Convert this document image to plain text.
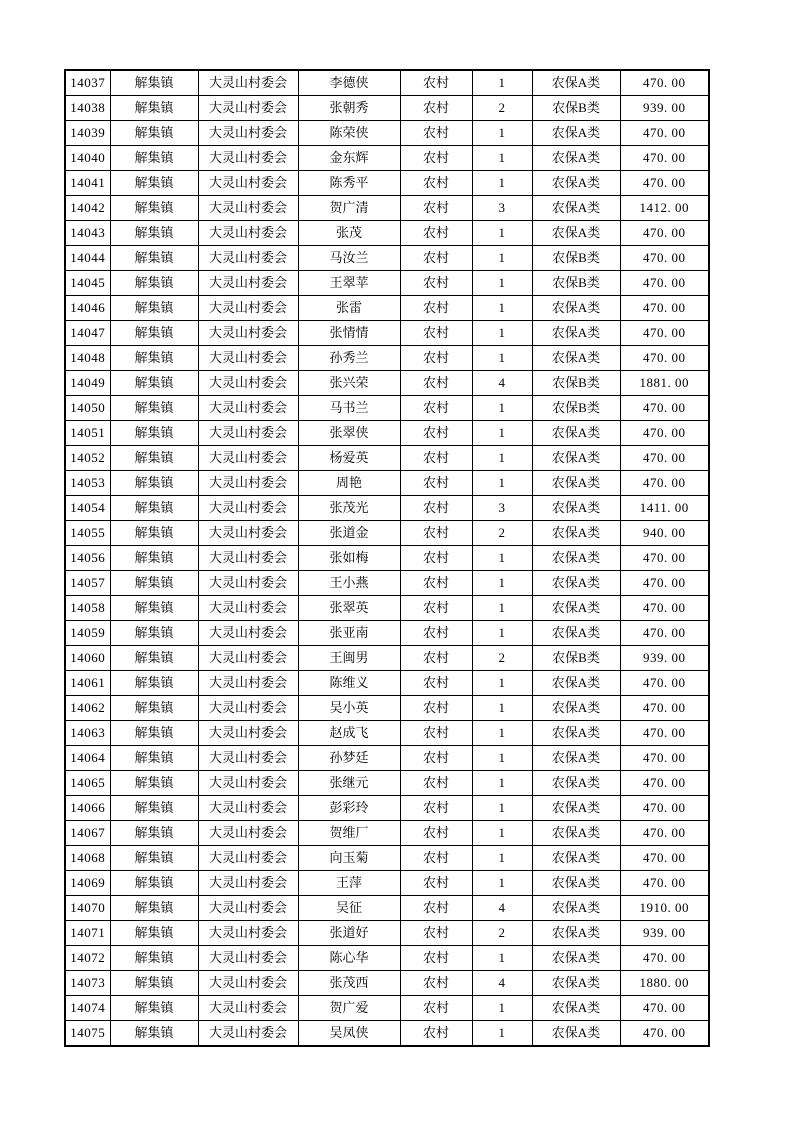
14037	解集镇	大灵山村委会	李德侠	农村	1	农保A类	470. 00
14038	解集镇	大灵山村委会	张朝秀	农村	2	农保B类	939. 00
14039	解集镇	大灵山村委会	陈荣侠	农村	1	农保A类	470. 00
14040	解集镇	大灵山村委会	金东辉	农村	1	农保A类	470. 00
14041	解集镇	大灵山村委会	陈秀平	农村	1	农保A类	470. 00
14042	解集镇	大灵山村委会	贺广清	农村	3	农保A类	1412. 00
14043	解集镇	大灵山村委会	张茂	农村	1	农保A类	470. 00
14044	解集镇	大灵山村委会	马汝兰	农村	1	农保B类	470. 00
14045	解集镇	大灵山村委会	王翠苹	农村	1	农保B类	470. 00
14046	解集镇	大灵山村委会	张雷	农村	1	农保A类	470. 00
14047	解集镇	大灵山村委会	张情情	农村	1	农保A类	470. 00
14048	解集镇	大灵山村委会	孙秀兰	农村	1	农保A类	470. 00
14049	解集镇	大灵山村委会	张兴荣	农村	4	农保B类	1881. 00
14050	解集镇	大灵山村委会	马书兰	农村	1	农保B类	470. 00
14051	解集镇	大灵山村委会	张翠侠	农村	1	农保A类	470. 00
14052	解集镇	大灵山村委会	杨爱英	农村	1	农保A类	470. 00
14053	解集镇	大灵山村委会	周艳	农村	1	农保A类	470. 00
14054	解集镇	大灵山村委会	张茂光	农村	3	农保A类	1411. 00
14055	解集镇	大灵山村委会	张道金	农村	2	农保A类	940. 00
14056	解集镇	大灵山村委会	张如梅	农村	1	农保A类	470. 00
14057	解集镇	大灵山村委会	王小燕	农村	1	农保A类	470. 00
14058	解集镇	大灵山村委会	张翠英	农村	1	农保A类	470. 00
14059	解集镇	大灵山村委会	张亚南	农村	1	农保A类	470. 00
14060	解集镇	大灵山村委会	王闽男	农村	2	农保B类	939. 00
14061	解集镇	大灵山村委会	陈维义	农村	1	农保A类	470. 00
14062	解集镇	大灵山村委会	吴小英	农村	1	农保A类	470. 00
14063	解集镇	大灵山村委会	赵成飞	农村	1	农保A类	470. 00
14064	解集镇	大灵山村委会	孙梦廷	农村	1	农保A类	470. 00
14065	解集镇	大灵山村委会	张继元	农村	1	农保A类	470. 00
14066	解集镇	大灵山村委会	彭彩玲	农村	1	农保A类	470. 00
14067	解集镇	大灵山村委会	贺维厂	农村	1	农保A类	470. 00
14068	解集镇	大灵山村委会	向玉菊	农村	1	农保A类	470. 00
14069	解集镇	大灵山村委会	王萍	农村	1	农保A类	470. 00
14070	解集镇	大灵山村委会	吴征	农村	4	农保A类	1910. 00
14071	解集镇	大灵山村委会	张道好	农村	2	农保A类	939. 00
14072	解集镇	大灵山村委会	陈心华	农村	1	农保A类	470. 00
14073	解集镇	大灵山村委会	张茂西	农村	4	农保A类	1880. 00
14074	解集镇	大灵山村委会	贺广爱	农村	1	农保A类	470. 00
14075	解集镇	大灵山村委会	吴凤侠	农村	1	农保A类	470. 00
